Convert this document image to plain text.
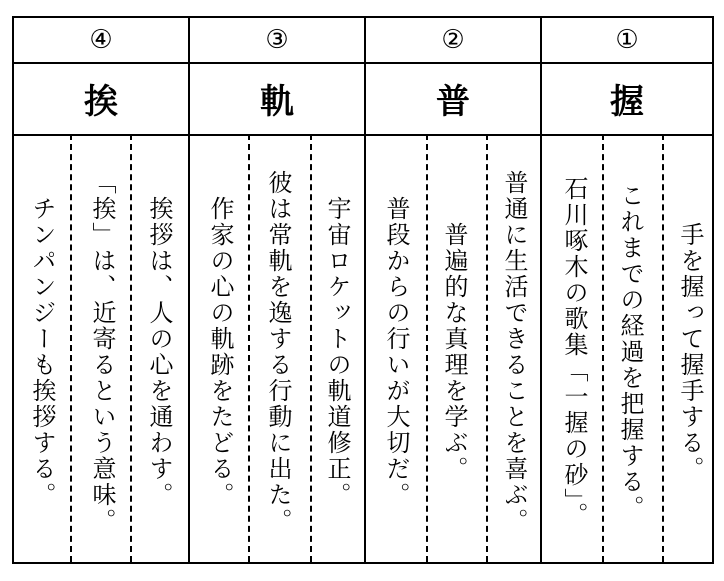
④
挨
挨拶は、人の心を通わす。
「挨」は、近寄るという意味。
チンパンジーも挨拶する。
③
軌
宇宙ロケットの軌道修正。
彼は常軌を逸する行動に出た。
作家の心の軌跡をたどる。
②
普
普通に生活できることを喜ぶ。
普遍的な真理を学ぶ。
普段からの行いが大切だ。
①
握
手を握って握手する。
これまでの経過を把握する。
石川啄木の歌集「一握の砂」。
